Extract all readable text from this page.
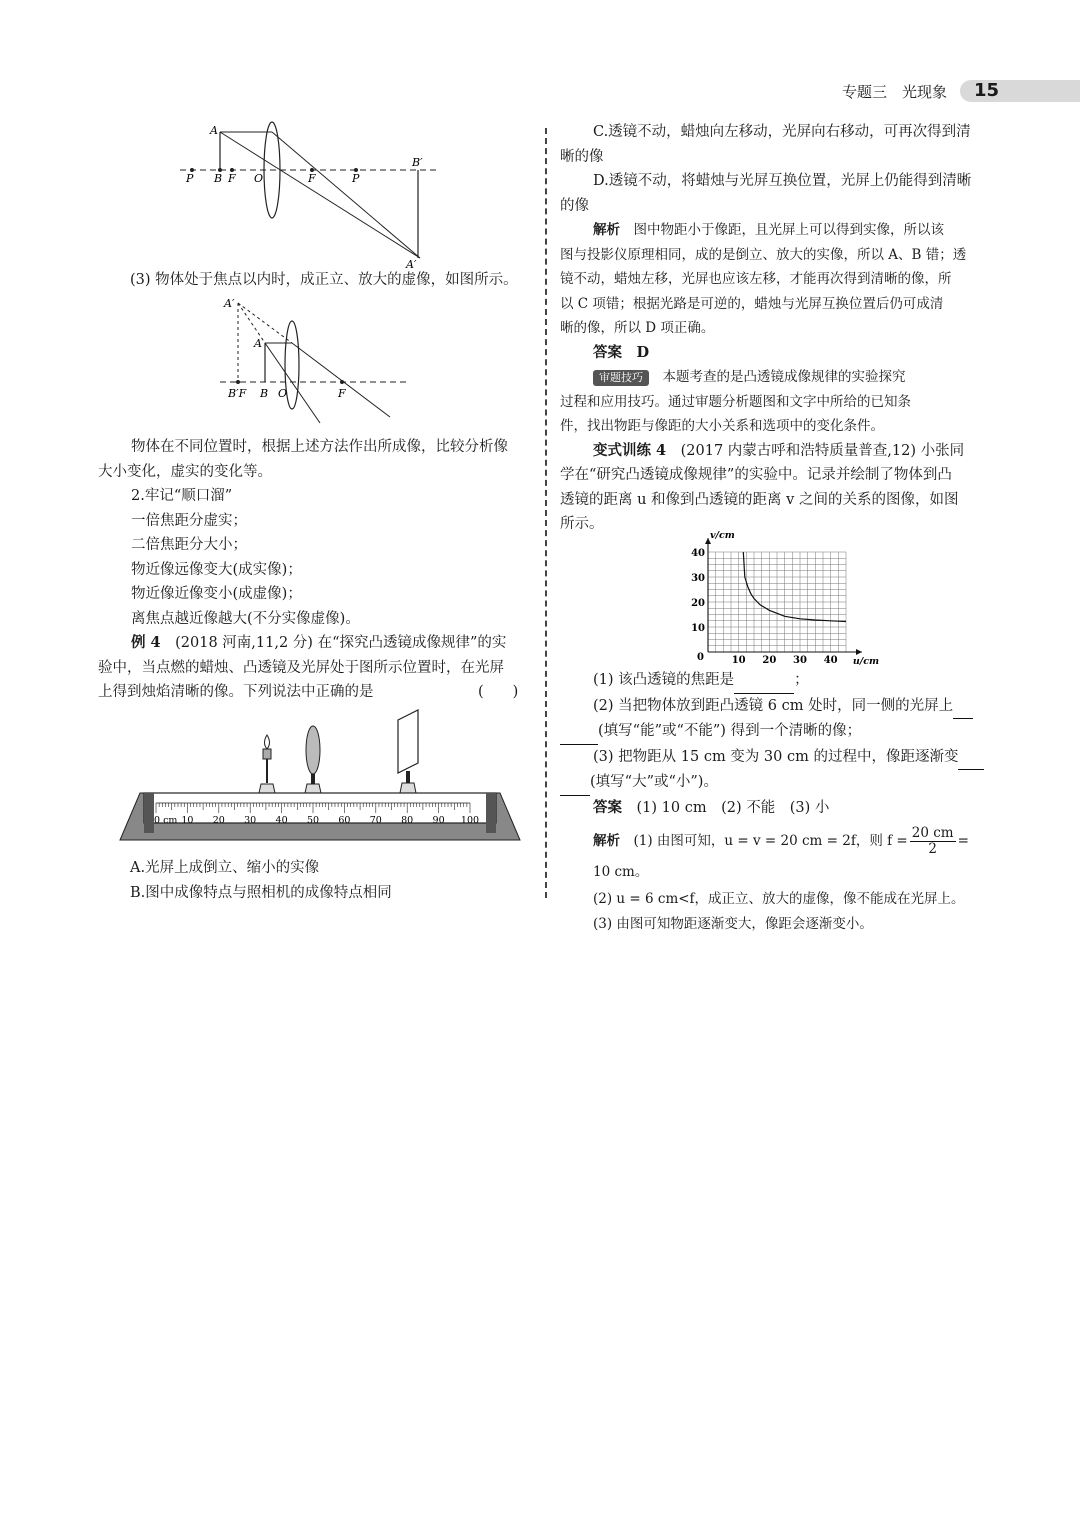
专题三　光现象 15
A
P B F O	F	P
B′
A′

(3) 物体处于焦点以内时，成正立、放大的虚像，如图所示。

A′
A
B′F B O	F

物体在不同位置时，根据上述方法作出所成像，比较分析像

大小变化，虚实的变化等。

2.牢记“顺口溜”

一倍焦距分虚实；

二倍焦距分大小；

物近像远像变大(成实像)；

物近像近像变小(成虚像)；

离焦点越近像越大(不分实像虚像)。

例 4　(2018 河南,11,2 分) 在“探究凸透镜成像规律”的实

验中，当点燃的蜡烛、凸透镜及光屏处于图所示位置时，在光屏

上得到烛焰清晰的像。下列说法中正确的是	(　　)

0 cm 10 20 30 40 50 60 70 80 90 100

A.光屏上成倒立、缩小的实像

B.图中成像特点与照相机的成像特点相同

C.透镜不动，蜡烛向左移动，光屏向右移动，可再次得到清

晰的像

D.透镜不动，将蜡烛与光屏互换位置，光屏上仍能得到清晰

的像

解析　图中物距小于像距，且光屏上可以得到实像，所以该

图与投影仪原理相同，成的是倒立、放大的实像，所以 A、B 错；透

镜不动，蜡烛左移，光屏也应该左移，才能再次得到清晰的像，所

以 C 项错；根据光路是可逆的，蜡烛与光屏互换位置后仍可成清

晰的像，所以 D 项正确。

答案　 D

审题技巧　本题考查的是凸透镜成像规律的实验探究

过程和应用技巧。通过审题分析题图和文字中所给的已知条

件，找出物距与像距的大小关系和选项中的变化条件。

变式训练 4　(2017 内蒙古呼和浩特质量普查,12) 小张同

学在“研究凸透镜成像规律”的实验中。记录并绘制了物体到凸

透镜的距离 u 和像到凸透镜的距离 v 之间的关系的图像，如图

所示。

10 20 30 40
10
20
30
40
0	u/cm
v/cm

(1) 该凸透镜的焦距是	；

(2) 当把物体放到距凸透镜 6 cm 处时，同一侧的光屏上

(填写“能”或“不能”) 得到一个清晰的像；

(3) 把物距从 15 cm 变为 30 cm 的过程中，像距逐渐变

(填写“大”或“小”)。

答案　 (1) 10 cm　(2) 不能　(3) 小

解析　 (1) 由图可知，u = v = 20 cm = 2f，则 $f = \frac{20 cm}{2} = 10$ cm。

(2) u = 6 cm<f，成正立、放大的虚像，像不能成在光屏上。

(3) 由图可知物距逐渐变大，像距会逐渐变小。
